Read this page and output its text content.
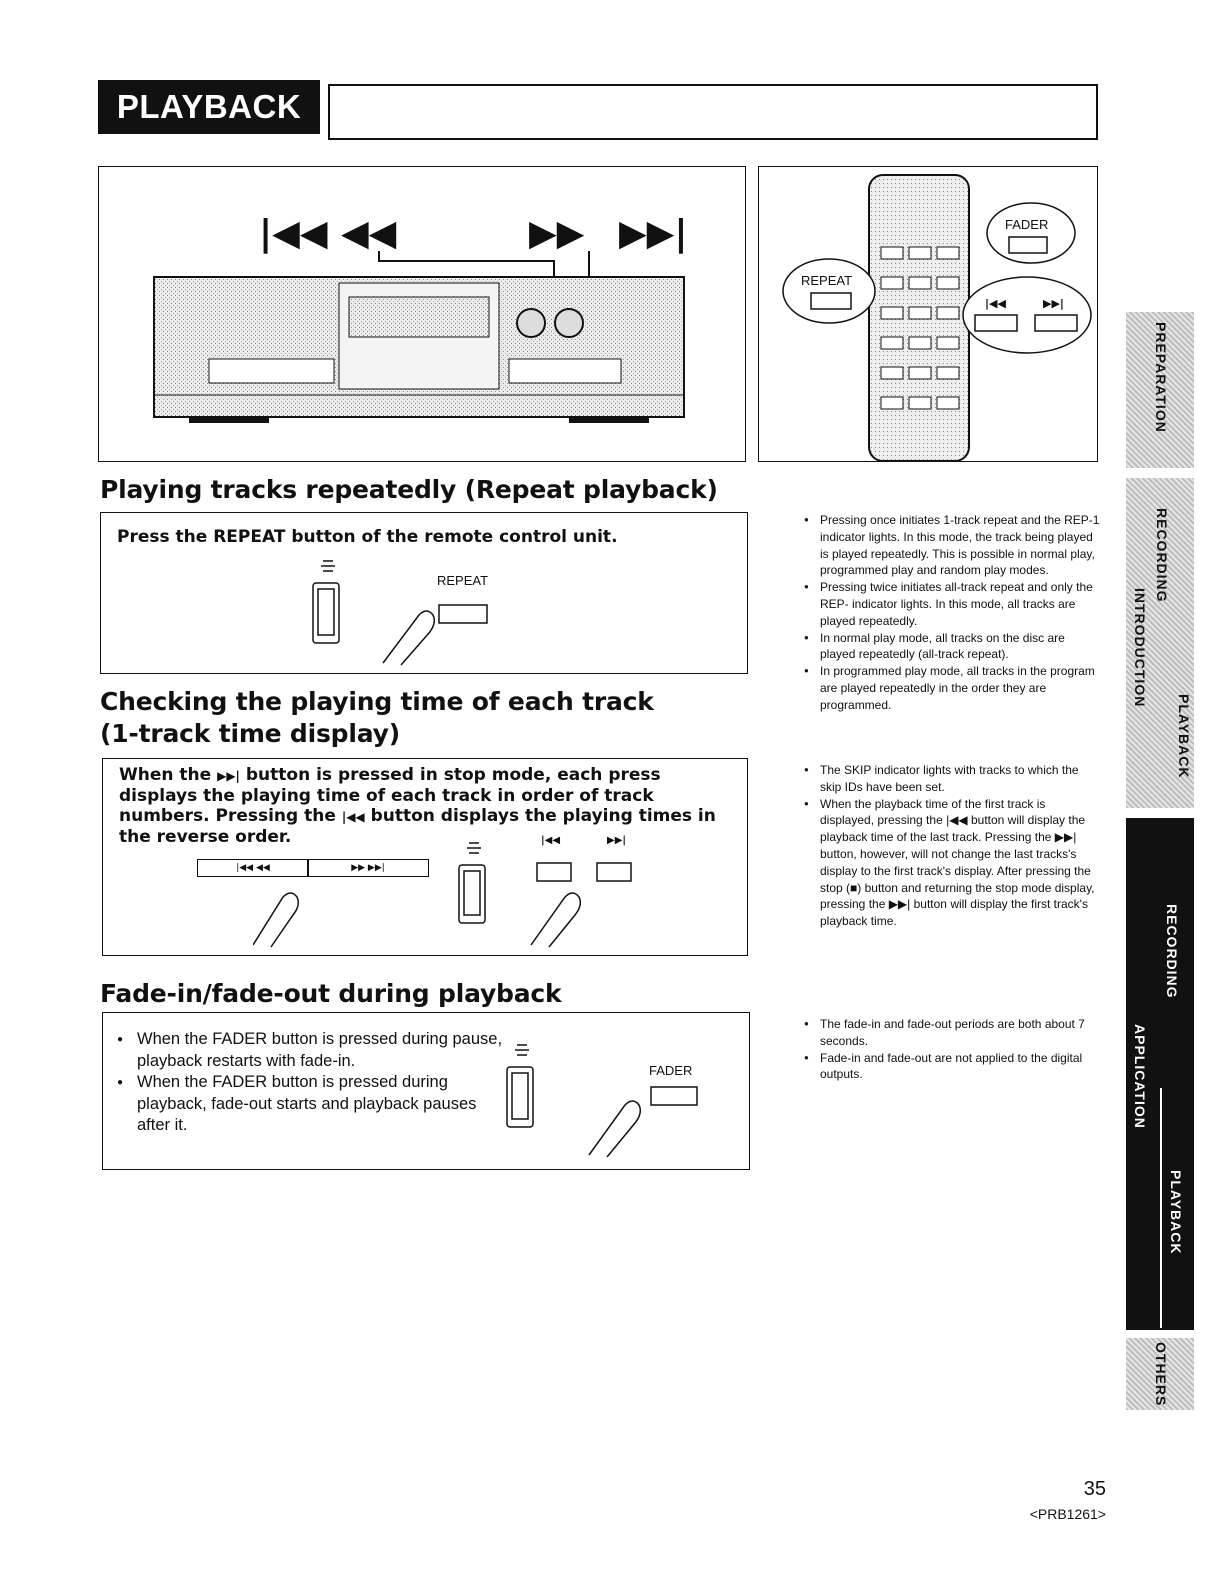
PLAYBACK
|◀◀ ◀◀	▶▶ ▶▶|	FADER
REPEAT
|◀◀	▶▶|
Playing tracks repeatedly (Repeat playback)
Press the REPEAT button of the remote control unit.
REPEAT
Checking the playing time of each track
(1-track time display)
When the ▶▶| button is pressed in stop mode, each press displays the playing time of each track in order of track numbers. Pressing the |◀◀ button displays the playing times in the reverse order.
|◀◀ ◀◀	▶▶ ▶▶|
|◀◀	▶▶|
Fade-in/fade-out during playback
● When the FADER button is pressed during pause, playback restarts with fade-in.
● When the FADER button is pressed during playback, fade-out starts and playback pauses after it.
FADER
● Pressing once initiates 1-track repeat and the REP-1 indicator lights. In this mode, the track being played is played repeatedly. This is possible in normal play, programmed play and random play modes.
● Pressing twice initiates all-track repeat and only the REP- indicator lights. In this mode, all tracks are played repeatedly.
● In normal play mode, all tracks on the disc are played repeatedly (all-track repeat).
● In programmed play mode, all tracks in the program are played repeatedly in the order they are programmed.
● The SKIP indicator lights with tracks to which the skip IDs have been set.
● When the playback time of the first track is displayed, pressing the |◀◀ button will display the playback time of the last track. Pressing the ▶▶| button, however, will not change the last tracks's display to the first track's display. After pressing the stop (■) button and returning the stop mode display, pressing the ▶▶| button will display the first track's playback time.
● The fade-in and fade-out periods are both about 7 seconds.
● Fade-in and fade-out are not applied to the digital outputs.
PREPARATION
INTRODUCTION
RECORDING
PLAYBACK
RECORDING
APPLICATION
PLAYBACK
OTHERS
35
<PRB1261>
